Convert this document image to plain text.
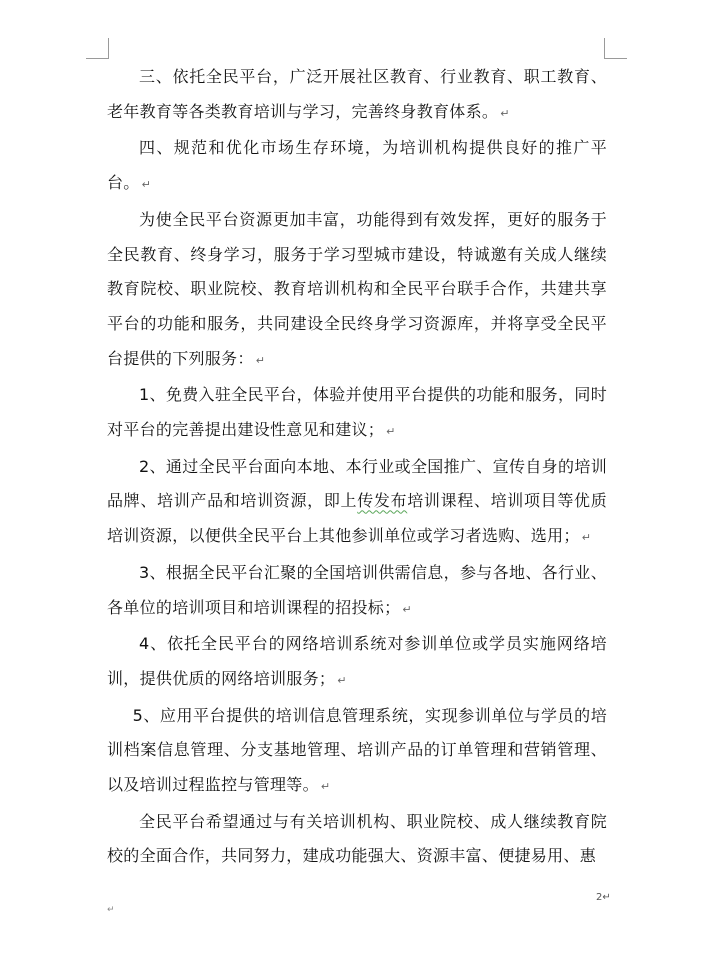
三、依托全民平台，广泛开展社区教育、行业教育、职工教育、老年教育等各类教育培训与学习，完善终身教育体系。 ↵

四、规范和优化市场生存环境，为培训机构提供良好的推广平台。 ↵

为使全民平台资源更加丰富，功能得到有效发挥，更好的服务于全民教育、终身学习，服务于学习型城市建设，特诚邀有关成人继续教育院校、职业院校、教育培训机构和全民平台联手合作，共建共享平台的功能和服务，共同建设全民终身学习资源库，并将享受全民平台提供的下列服务： ↵

1、免费入驻全民平台，体验并使用平台提供的功能和服务，同时对平台的完善提出建设性意见和建议； ↵

2、通过全民平台面向本地、本行业或全国推广、宣传自身的培训品牌、培训产品和培训资源，即上传发布培训课程、培训项目等优质培训资源，以便供全民平台上其他参训单位或学习者选购、选用； ↵

3、根据全民平台汇聚的全国培训供需信息，参与各地、各行业、各单位的培训项目和培训课程的招投标； ↵

4、依托全民平台的网络培训系统对参训单位或学员实施网络培训，提供优质的网络培训服务； ↵

5、应用平台提供的培训信息管理系统，实现参训单位与学员的培训档案信息管理、分支基地管理、培训产品的订单管理和营销管理、以及培训过程监控与管理等。 ↵

全民平台希望通过与有关培训机构、职业院校、成人继续教育院校的全面合作，共同努力，建成功能强大、资源丰富、便捷易用、惠

2↵
↵
